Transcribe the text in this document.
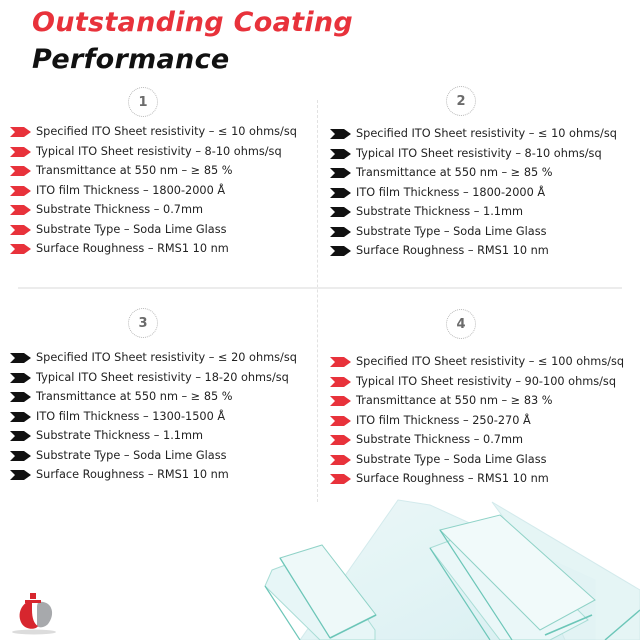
Outstanding Coating
Performance
1
Specified ITO Sheet resistivity – ≤ 10 ohms/sq
Typical ITO Sheet resistivity – 8-10 ohms/sq
Transmittance at 550 nm – ≥ 85 %
ITO film Thickness – 1800-2000 Å
Substrate Thickness – 0.7mm
Substrate Type – Soda Lime Glass
Surface Roughness – RMS1 10 nm
2
Specified ITO Sheet resistivity – ≤ 10 ohms/sq
Typical ITO Sheet resistivity – 8-10 ohms/sq
Transmittance at 550 nm – ≥ 85 %
ITO film Thickness – 1800-2000 Å
Substrate Thickness – 1.1mm
Substrate Type – Soda Lime Glass
Surface Roughness – RMS1 10 nm
3
Specified ITO Sheet resistivity – ≤ 20 ohms/sq
Typical ITO Sheet resistivity – 18-20 ohms/sq
Transmittance at 550 nm – ≥ 85 %
ITO film Thickness – 1300-1500 Å
Substrate Thickness – 1.1mm
Substrate Type – Soda Lime Glass
Surface Roughness – RMS1 10 nm
4
Specified ITO Sheet resistivity – ≤ 100 ohms/sq
Typical ITO Sheet resistivity – 90-100 ohms/sq
Transmittance at 550 nm – ≥ 83 %
ITO film Thickness – 250-270 Å
Substrate Thickness – 0.7mm
Substrate Type – Soda Lime Glass
Surface Roughness – RMS1 10 nm
